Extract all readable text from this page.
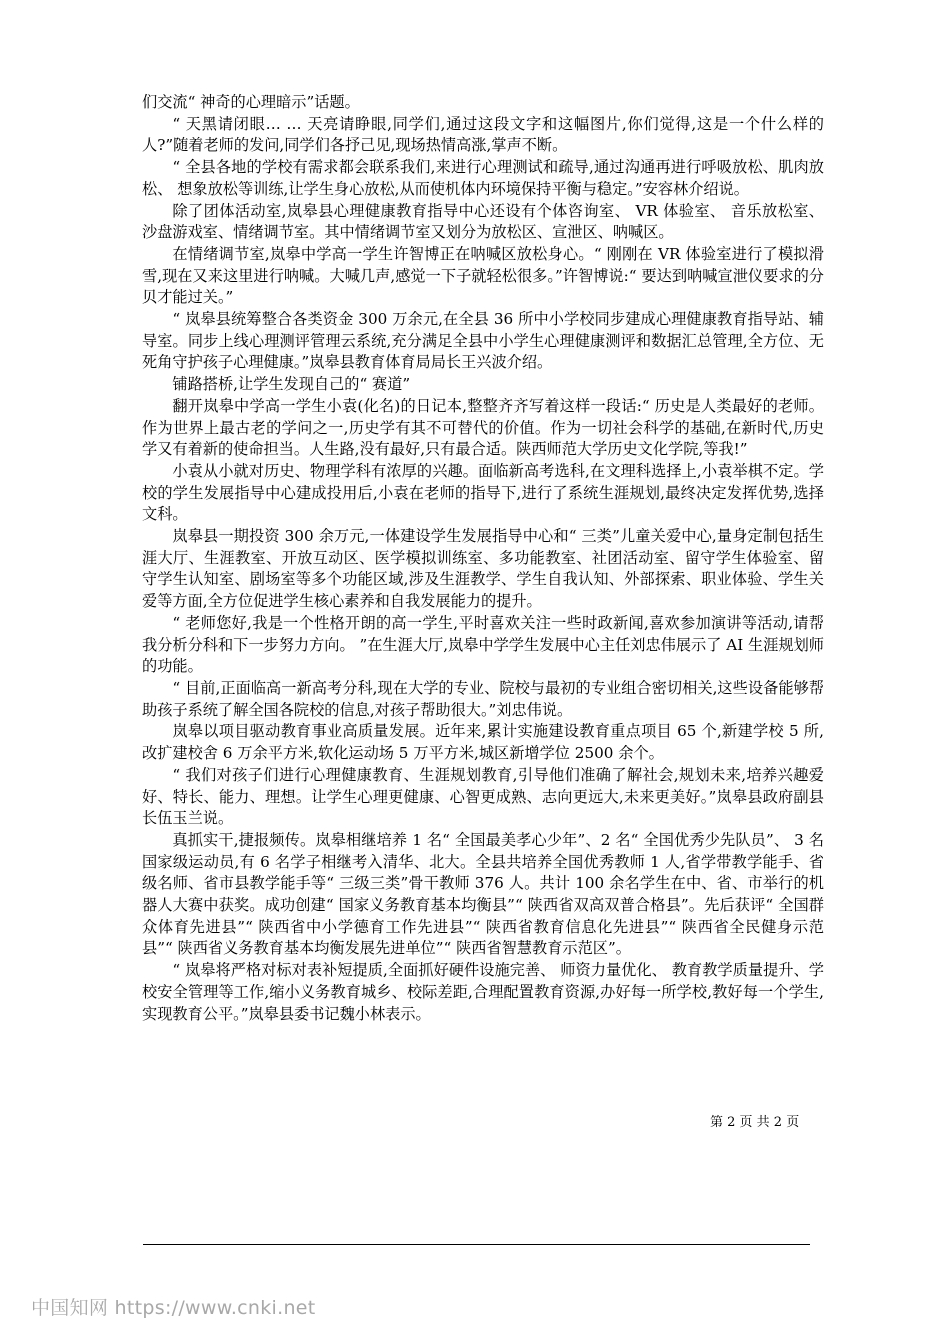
们交流“ 神奇的心理暗示”话题。

“ 天黑请闭眼… … 天亮请睁眼,同学们,通过这段文字和这幅图片,你们觉得,这是一个什么样的人?”随着老师的发问,同学们各抒己见,现场热情高涨,掌声不断。

“ 全县各地的学校有需求都会联系我们,来进行心理测试和疏导,通过沟通再进行呼吸放松、肌肉放松、 想象放松等训练,让学生身心放松,从而使机体内环境保持平衡与稳定。”安容林介绍说。

除了团体活动室,岚皋县心理健康教育指导中心还设有个体咨询室、 VR 体验室、 音乐放松室、 沙盘游戏室、情绪调节室。其中情绪调节室又划分为放松区、宣泄区、呐喊区。

在情绪调节室,岚皋中学高一学生许智博正在呐喊区放松身心。“ 刚刚在 VR 体验室进行了模拟滑雪,现在又来这里进行呐喊。大喊几声,感觉一下子就轻松很多。”许智博说:“ 要达到呐喊宣泄仪要求的分贝才能过关。”

“ 岚皋县统筹整合各类资金 300 万余元,在全县 36 所中小学校同步建成心理健康教育指导站、辅导室。同步上线心理测评管理云系统,充分满足全县中小学生心理健康测评和数据汇总管理,全方位、无死角守护孩子心理健康。”岚皋县教育体育局局长王兴波介绍。

铺路搭桥,让学生发现自己的“ 赛道”

翻开岚皋中学高一学生小袁(化名)的日记本,整整齐齐写着这样一段话:“ 历史是人类最好的老师。作为世界上最古老的学问之一,历史学有其不可替代的价值。作为一切社会科学的基础,在新时代,历史学又有着新的使命担当。人生路,没有最好,只有最合适。陕西师范大学历史文化学院,等我!”

小袁从小就对历史、物理学科有浓厚的兴趣。面临新高考选科,在文理科选择上,小袁举棋不定。学校的学生发展指导中心建成投用后,小袁在老师的指导下,进行了系统生涯规划,最终决定发挥优势,选择文科。

岚皋县一期投资 300 余万元,一体建设学生发展指导中心和“ 三类”儿童关爱中心,量身定制包括生涯大厅、生涯教室、开放互动区、医学模拟训练室、多功能教室、社团活动室、留守学生体验室、留守学生认知室、剧场室等多个功能区域,涉及生涯教学、学生自我认知、外部探索、职业体验、学生关爱等方面,全方位促进学生核心素养和自我发展能力的提升。

“ 老师您好,我是一个性格开朗的高一学生,平时喜欢关注一些时政新闻,喜欢参加演讲等活动,请帮我分析分科和下一步努力方向。 ”在生涯大厅,岚皋中学学生发展中心主任刘忠伟展示了 AI 生涯规划师的功能。

“ 目前,正面临高一新高考分科,现在大学的专业、院校与最初的专业组合密切相关,这些设备能够帮助孩子系统了解全国各院校的信息,对孩子帮助很大。”刘忠伟说。

岚皋以项目驱动教育事业高质量发展。近年来,累计实施建设教育重点项目 65 个,新建学校 5 所,改扩建校舍 6 万余平方米,软化运动场 5 万平方米,城区新增学位 2500 余个。

“ 我们对孩子们进行心理健康教育、生涯规划教育,引导他们准确了解社会,规划未来,培养兴趣爱好、特长、能力、理想。让学生心理更健康、心智更成熟、志向更远大,未来更美好。”岚皋县政府副县长伍玉兰说。

真抓实干,捷报频传。岚皋相继培养 1 名“ 全国最美孝心少年”、2 名“ 全国优秀少先队员”、 3 名国家级运动员,有 6 名学子相继考入清华、北大。全县共培养全国优秀教师 1 人,省学带教学能手、省级名师、省市县教学能手等“ 三级三类”骨干教师 376 人。共计 100 余名学生在中、省、市举行的机器人大赛中获奖。成功创建“ 国家义务教育基本均衡县”“ 陕西省双高双普合格县”。先后获评“ 全国群众体育先进县”“ 陕西省中小学德育工作先进县”“ 陕西省教育信息化先进县”“ 陕西省全民健身示范县”“ 陕西省义务教育基本均衡发展先进单位”“ 陕西省智慧教育示范区”。

“ 岚皋将严格对标对表补短提质,全面抓好硬件设施完善、 师资力量优化、 教育教学质量提升、学校安全管理等工作,缩小义务教育城乡、校际差距,合理配置教育资源,办好每一所学校,教好每一个学生,实现教育公平。”岚皋县委书记魏小林表示。

第 2 页 共 2 页
中国知网 https://www.cnki.net
